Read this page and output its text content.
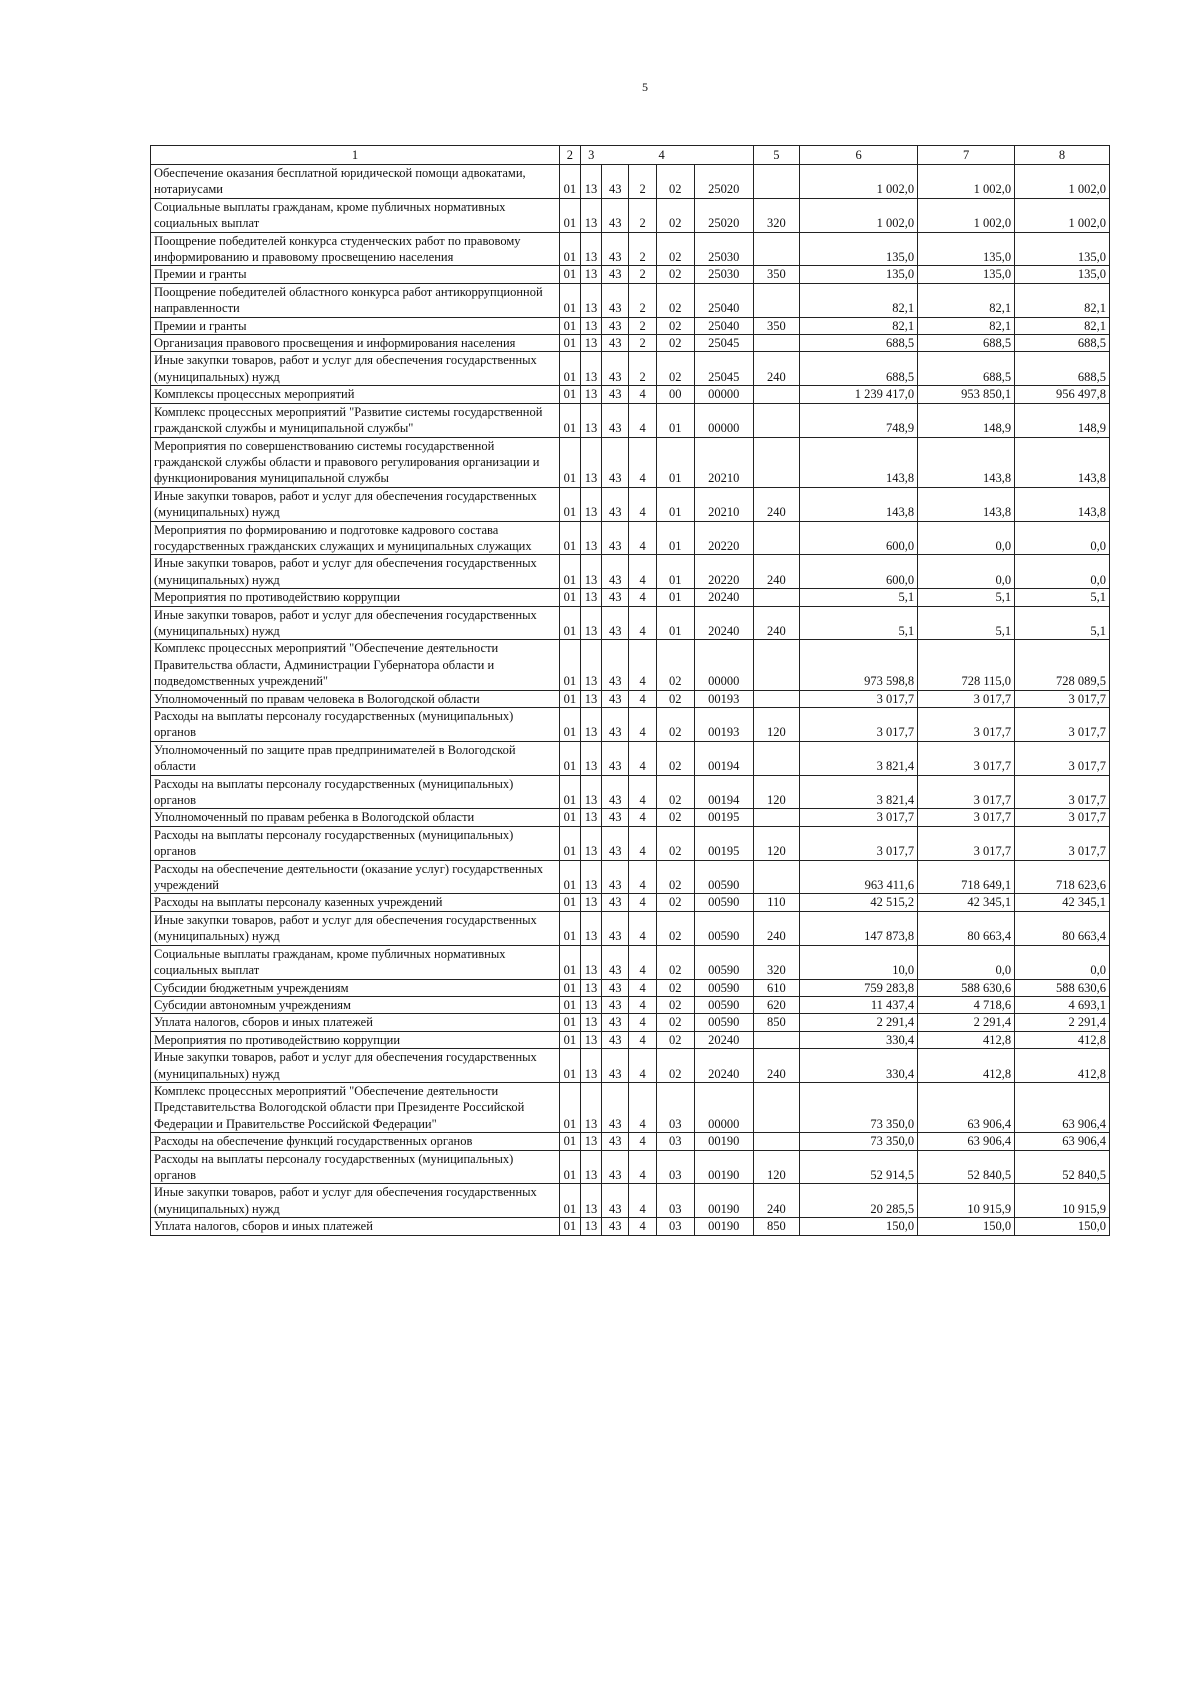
5
1	2	3		4			5	6	7	8
Обеспечение оказания бесплатной юридической помощи адвокатами, нотариусами	01	13	43	2	02	25020		1 002,0	1 002,0	1 002,0
Социальные выплаты гражданам, кроме публичных нормативных социальных выплат	01	13	43	2	02	25020	320	1 002,0	1 002,0	1 002,0
Поощрение победителей конкурса студенческих работ по правовому информированию и правовому просвещению населения	01	13	43	2	02	25030		135,0	135,0	135,0
Премии и гранты	01	13	43	2	02	25030	350	135,0	135,0	135,0
Поощрение победителей областного конкурса работ антикоррупционной направленности	01	13	43	2	02	25040		82,1	82,1	82,1
Премии и гранты	01	13	43	2	02	25040	350	82,1	82,1	82,1
Организация правового просвещения и информирования населения	01	13	43	2	02	25045		688,5	688,5	688,5
Иные закупки товаров, работ и услуг для обеспечения государственных (муниципальных) нужд	01	13	43	2	02	25045	240	688,5	688,5	688,5
Комплексы процессных мероприятий	01	13	43	4	00	00000		1 239 417,0	953 850,1	956 497,8
Комплекс процессных мероприятий "Развитие системы государственной гражданской службы и муниципальной службы"	01	13	43	4	01	00000		748,9	148,9	148,9
Мероприятия по совершенствованию системы государственной гражданской службы области и правового регулирования организации и функционирования муниципальной службы	01	13	43	4	01	20210		143,8	143,8	143,8
Иные закупки товаров, работ и услуг для обеспечения государственных (муниципальных) нужд	01	13	43	4	01	20210	240	143,8	143,8	143,8
Мероприятия по формированию и подготовке кадрового состава государственных гражданских служащих и муниципальных служащих	01	13	43	4	01	20220		600,0	0,0	0,0
Иные закупки товаров, работ и услуг для обеспечения государственных (муниципальных) нужд	01	13	43	4	01	20220	240	600,0	0,0	0,0
Мероприятия по противодействию коррупции	01	13	43	4	01	20240		5,1	5,1	5,1
Иные закупки товаров, работ и услуг для обеспечения государственных (муниципальных) нужд	01	13	43	4	01	20240	240	5,1	5,1	5,1
Комплекс процессных мероприятий "Обеспечение деятельности Правительства области, Администрации Губернатора области и подведомственных учреждений"	01	13	43	4	02	00000		973 598,8	728 115,0	728 089,5
Уполномоченный по правам человека в Вологодской области	01	13	43	4	02	00193		3 017,7	3 017,7	3 017,7
Расходы на выплаты персоналу государственных (муниципальных) органов	01	13	43	4	02	00193	120	3 017,7	3 017,7	3 017,7
Уполномоченный по защите прав предпринимателей в Вологодской области	01	13	43	4	02	00194		3 821,4	3 017,7	3 017,7
Расходы на выплаты персоналу государственных (муниципальных) органов	01	13	43	4	02	00194	120	3 821,4	3 017,7	3 017,7
Уполномоченный по правам ребенка в Вологодской области	01	13	43	4	02	00195		3 017,7	3 017,7	3 017,7
Расходы на выплаты персоналу государственных (муниципальных) органов	01	13	43	4	02	00195	120	3 017,7	3 017,7	3 017,7
Расходы на обеспечение деятельности (оказание услуг) государственных учреждений	01	13	43	4	02	00590		963 411,6	718 649,1	718 623,6
Расходы на выплаты персоналу казенных учреждений	01	13	43	4	02	00590	110	42 515,2	42 345,1	42 345,1
Иные закупки товаров, работ и услуг для обеспечения государственных (муниципальных) нужд	01	13	43	4	02	00590	240	147 873,8	80 663,4	80 663,4
Социальные выплаты гражданам, кроме публичных нормативных социальных выплат	01	13	43	4	02	00590	320	10,0	0,0	0,0
Субсидии бюджетным учреждениям	01	13	43	4	02	00590	610	759 283,8	588 630,6	588 630,6
Субсидии автономным учреждениям	01	13	43	4	02	00590	620	11 437,4	4 718,6	4 693,1
Уплата налогов, сборов и иных платежей	01	13	43	4	02	00590	850	2 291,4	2 291,4	2 291,4
Мероприятия по противодействию коррупции	01	13	43	4	02	20240		330,4	412,8	412,8
Иные закупки товаров, работ и услуг для обеспечения государственных (муниципальных) нужд	01	13	43	4	02	20240	240	330,4	412,8	412,8
Комплекс процессных мероприятий "Обеспечение деятельности Представительства Вологодской области при Президенте Российской Федерации и Правительстве Российской Федерации"	01	13	43	4	03	00000		73 350,0	63 906,4	63 906,4
Расходы на обеспечение функций государственных органов	01	13	43	4	03	00190		73 350,0	63 906,4	63 906,4
Расходы на выплаты персоналу государственных (муниципальных) органов	01	13	43	4	03	00190	120	52 914,5	52 840,5	52 840,5
Иные закупки товаров, работ и услуг для обеспечения государственных (муниципальных) нужд	01	13	43	4	03	00190	240	20 285,5	10 915,9	10 915,9
Уплата налогов, сборов и иных платежей	01	13	43	4	03	00190	850	150,0	150,0	150,0
